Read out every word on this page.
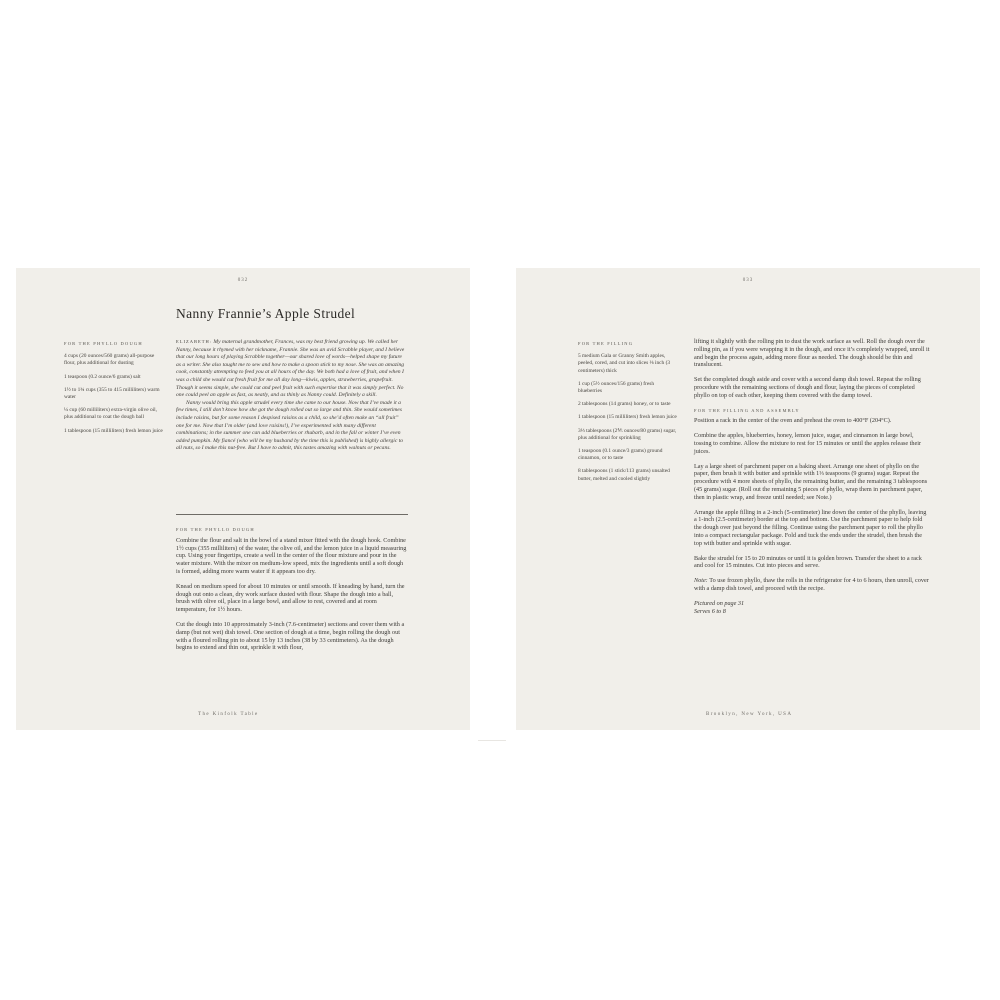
032
Nanny Frannie’s Apple Strudel
FOR THE PHYLLO DOUGH
4 cups (20 ounces/560 grams) all-purpose flour, plus additional for dusting
1 teaspoon (0.2 ounce/6 grams) salt
1½ to 1¾ cups (355 to 415 milliliters) warm water
¼ cup (60 milliliters) extra-virgin olive oil, plus additional to coat the dough ball
1 tablespoon (15 milliliters) fresh lemon juice

ELIZABETH: My maternal grandmother, Frances, was my best friend growing up. We called her Nanny, because it rhymed with her nickname, Frannie. She was an avid Scrabble player, and I believe that our long hours of playing Scrabble together—our shared love of words—helped shape my future as a writer. She also taught me to sew and how to make a spoon stick to my nose. She was an amazing cook, constantly attempting to feed you at all hours of the day. We both had a love of fruit, and when I was a child she would cut fresh fruit for me all day long—kiwis, apples, strawberries, grapefruit. Though it seems simple, she could cut and peel fruit with such expertise that it was simply perfect. No one could peel an apple as fast, as neatly, and as thinly as Nanny could. Definitely a skill.

Nanny would bring this apple strudel every time she came to our house. Now that I’ve made it a few times, I still don’t know how she got the dough rolled out so large and thin. She would sometimes include raisins, but for some reason I despised raisins as a child, so she’d often make an “all fruit” one for me. Now that I’m older (and love raisins!), I’ve experimented with many different combinations; in the summer one can add blueberries or rhubarb, and in the fall or winter I’ve even added pumpkin. My fiancé (who will be my husband by the time this is published) is highly allergic to all nuts, so I make this nut-free. But I have to admit, this tastes amazing with walnuts or pecans.

FOR THE PHYLLO DOUGH

Combine the flour and salt in the bowl of a stand mixer fitted with the dough hook. Combine 1½ cups (355 milliliters) of the water, the olive oil, and the lemon juice in a liquid measuring cup. Using your fingertips, create a well in the center of the flour mixture and pour in the water mixture. With the mixer on medium-low speed, mix the ingredients until a soft dough is formed, adding more warm water if it appears too dry.

Knead on medium speed for about 10 minutes or until smooth. If kneading by hand, turn the dough out onto a clean, dry work surface dusted with flour. Shape the dough into a ball, brush with olive oil, place in a large bowl, and allow to rest, covered and at room temperature, for 1½ hours.

Cut the dough into 10 approximately 3-inch (7.6-centimeter) sections and cover them with a damp (but not wet) dish towel. One section of dough at a time, begin rolling the dough out with a floured rolling pin to about 15 by 13 inches (38 by 33 centimeters). As the dough begins to extend and thin out, sprinkle it with flour,

The Kinfolk Table
033
FOR THE FILLING
5 medium Gala or Granny Smith apples, peeled, cored, and cut into slices ⅛ inch (3 centimeters) thick
1 cup (5½ ounces/156 grams) fresh blueberries
2 tablespoons (14 grams) honey, or to taste
1 tablespoon (15 milliliters) fresh lemon juice
3⅓ tablespoons (2⅘ ounces/80 grams) sugar, plus additional for sprinkling
1 teaspoon (0.1 ounce/3 grams) ground cinnamon, or to taste
8 tablespoons (1 stick/113 grams) unsalted butter, melted and cooled slightly

lifting it slightly with the rolling pin to dust the work surface as well. Roll the dough over the rolling pin, as if you were wrapping it in the dough, and once it’s completely wrapped, unroll it and begin the process again, adding more flour as needed. The dough should be thin and translucent.

Set the completed dough aside and cover with a second damp dish towel. Repeat the rolling procedure with the remaining sections of dough and flour, laying the pieces of completed phyllo on top of each other, keeping them covered with the damp towel.

FOR THE FILLING AND ASSEMBLY

Position a rack in the center of the oven and preheat the oven to 400°F (204°C).

Combine the apples, blueberries, honey, lemon juice, sugar, and cinnamon in large bowl, tossing to combine. Allow the mixture to rest for 15 minutes or until the apples release their juices.

Lay a large sheet of parchment paper on a baking sheet. Arrange one sheet of phyllo on the paper, then brush it with butter and sprinkle with 1⅓ teaspoons (9 grams) sugar. Repeat the procedure with 4 more sheets of phyllo, the remaining butter, and the remaining 3 tablespoons (45 grams) sugar. (Roll out the remaining 5 pieces of phyllo, wrap them in parchment paper, then in plastic wrap, and freeze until needed; see Note.)

Arrange the apple filling in a 2-inch (5-centimeter) line down the center of the phyllo, leaving a 1-inch (2.5-centimeter) border at the top and bottom. Use the parchment paper to help fold the dough over just beyond the filling. Continue using the parchment paper to roll the phyllo into a compact rectangular package. Fold and tuck the ends under the strudel, then brush the top with butter and sprinkle with sugar.

Bake the strudel for 15 to 20 minutes or until it is golden brown. Transfer the sheet to a rack and cool for 15 minutes. Cut into pieces and serve.

Note: To use frozen phyllo, thaw the rolls in the refrigerator for 4 to 6 hours, then unroll, cover with a damp dish towel, and proceed with the recipe.

Pictured on page 31

Serves 6 to 8

Brooklyn, New York, USA
